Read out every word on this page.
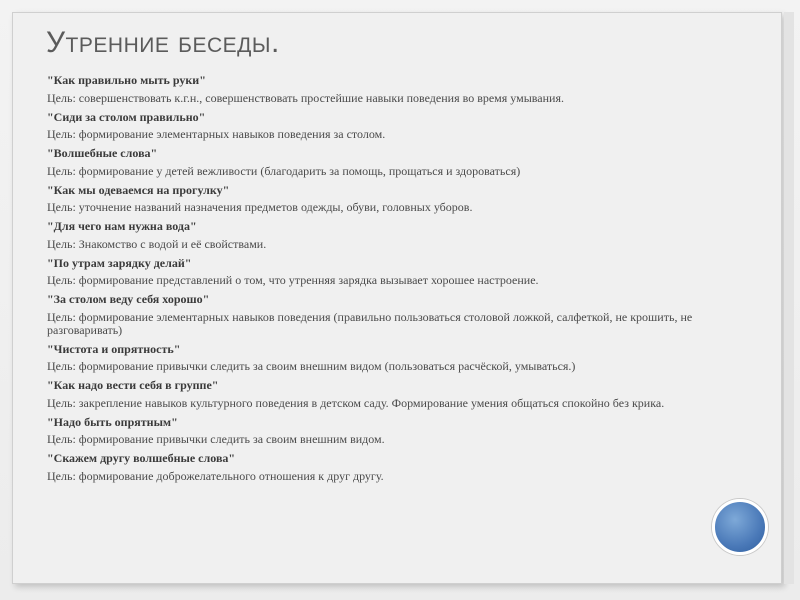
Утренние беседы.

"Как правильно мыть руки"

Цель: совершенствовать к.г.н., совершенствовать простейшие навыки поведения во время умывания.

"Сиди за столом правильно"

Цель: формирование элементарных навыков поведения за столом.

"Волшебные слова"

Цель: формирование у детей вежливости (благодарить за помощь, прощаться и здороваться)

"Как мы одеваемся на прогулку"

Цель: уточнение названий назначения предметов одежды, обуви, головных уборов.

"Для чего нам нужна вода"

Цель: Знакомство с водой и её свойствами.

"По утрам зарядку делай"

Цель: формирование представлений о том, что утренняя зарядка вызывает хорошее настроение.

"За столом веду себя хорошо"

Цель: формирование элементарных навыков поведения (правильно пользоваться столовой ложкой, салфеткой, не крошить, не разговаривать)

"Чистота и опрятность"

Цель: формирование привычки следить за своим внешним видом (пользоваться расчёской, умываться.)

"Как надо вести себя в группе"

Цель: закрепление навыков культурного поведения в детском саду. Формирование умения общаться спокойно без крика.

"Надо быть опрятным"

Цель: формирование привычки следить за своим внешним видом.

"Скажем другу волшебные слова"

Цель: формирование доброжелательного отношения к друг другу.
